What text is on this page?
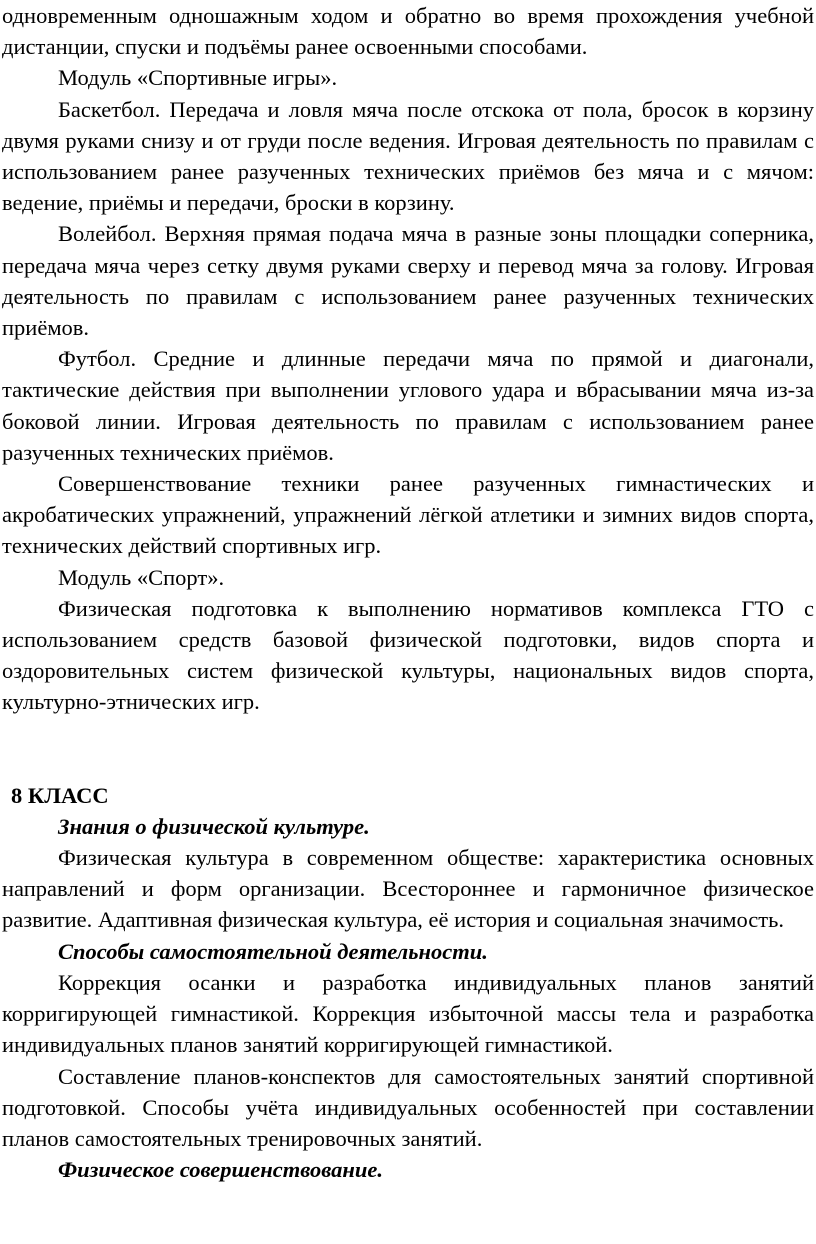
одновременным одношажным ходом и обратно во время прохождения учебной дистанции, спуски и подъёмы ранее освоенными способами.

Модуль «Спортивные игры».

Баскетбол. Передача и ловля мяча после отскока от пола, бросок в корзину двумя руками снизу и от груди после ведения. Игровая деятельность по правилам с использованием ранее разученных технических приёмов без мяча и с мячом: ведение, приёмы и передачи, броски в корзину.

Волейбол. Верхняя прямая подача мяча в разные зоны площадки соперника, передача мяча через сетку двумя руками сверху и перевод мяча за голову. Игровая деятельность по правилам с использованием ранее разученных технических приёмов.

Футбол. Средние и длинные передачи мяча по прямой и диагонали, тактические действия при выполнении углового удара и вбрасывании мяча из-за боковой линии. Игровая деятельность по правилам с использованием ранее разученных технических приёмов.

Совершенствование техники ранее разученных гимнастических и акробатических упражнений, упражнений лёгкой атлетики и зимних видов спорта, технических действий спортивных игр.

Модуль «Спорт».

Физическая подготовка к выполнению нормативов комплекса ГТО с использованием средств базовой физической подготовки, видов спорта и оздоровительных систем физической культуры, национальных видов спорта, культурно-этнических игр.

8 КЛАСС

Знания о физической культуре.

Физическая культура в современном обществе: характеристика основных направлений и форм организации. Всестороннее и гармоничное физическое развитие. Адаптивная физическая культура, её история и социальная значимость.

Способы самостоятельной деятельности.

Коррекция осанки и разработка индивидуальных планов занятий корригирующей гимнастикой. Коррекция избыточной массы тела и разработка индивидуальных планов занятий корригирующей гимнастикой.

Составление планов-конспектов для самостоятельных занятий спортивной подготовкой. Способы учёта индивидуальных особенностей при составлении планов самостоятельных тренировочных занятий.

Физическое совершенствование.
